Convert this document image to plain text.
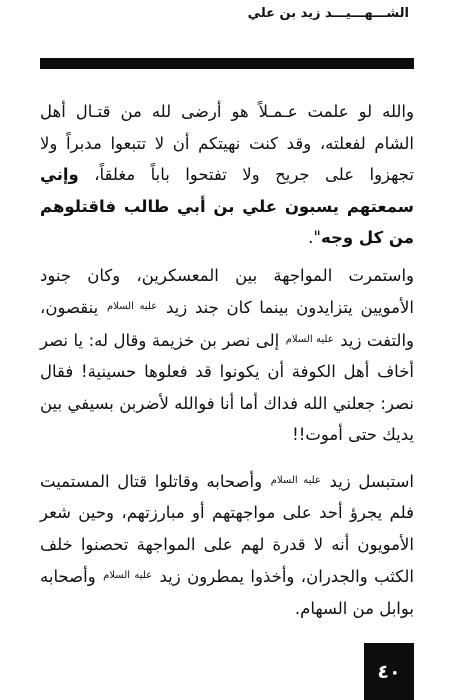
الشـــهـــيـــد زيد بن علي

والله لو علمت عـمـلاً هو أرضى لله من قتـال أهل الشام لفعلته، وقد كنت نهيتكم أن لا تتبعوا مدبراً ولا تجهزوا على جريح ولا تفتحوا باباً مغلقاً، وإني سمعتهم يسبون علي بن أبي طالب فاقتلوهم من كل وجه".

واستمرت المواجهة بين المعسكرين، وكان جنود الأمويين يتزايدون بينما كان جند زيد $^{عليه السلام}$ ينقصون، والتفت زيد $^{عليه السلام}$ إلى نصر بن خزيمة وقال له: يا نصر أخاف أهل الكوفة أن يكونوا قد فعلوها حسينية! فقال نصر: جعلني الله فداك أما أنا فوالله لأضربن بسيفي بين يديك حتى أموت!!

استبسل زيد $^{عليه السلام}$ وأصحابه وقاتلوا قتال المستميت فلم يجرؤ أحد على مواجهتهم أو مبارزتهم، وحين شعر الأمويون أنه لا قدرة لهم على المواجهة تحصنوا خلف الكثب والجدران، وأخذوا يمطرون زيد $^{عليه السلام}$ وأصحابه بوابل من السهام.

٤٠
